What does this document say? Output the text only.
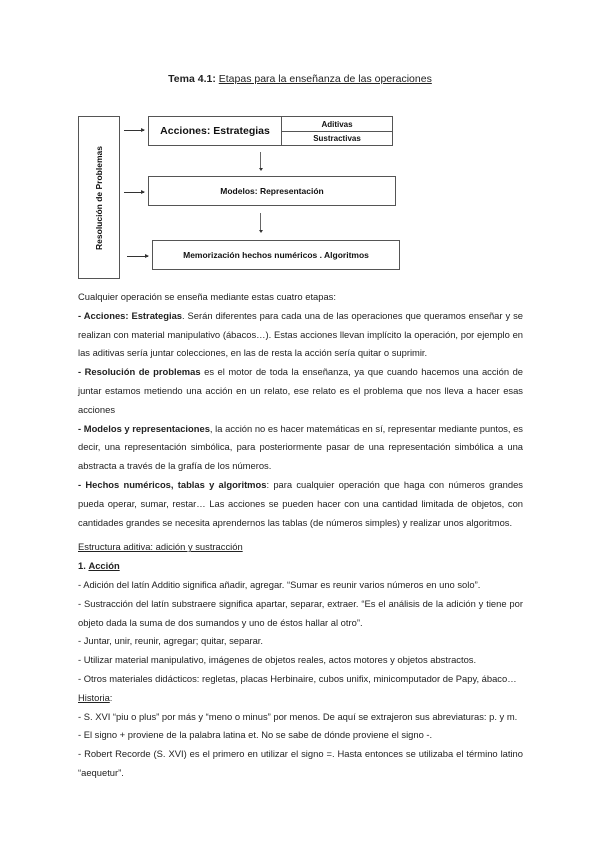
Tema 4.1: Etapas para la enseñanza de las operaciones
Resolución de Problemas
Acciones: Estrategias
Aditivas
Sustractivas
Modelos: Representación
Memorización hechos numéricos . Algoritmos

Cualquier operación se enseña mediante estas cuatro etapas:

- Acciones: Estrategias. Serán diferentes para cada una de las operaciones que queramos enseñar y se realizan con material manipulativo (ábacos…). Estas acciones llevan implícito la operación, por ejemplo en las aditivas sería juntar colecciones, en las de resta la acción sería quitar o suprimir.

- Resolución de problemas es el motor de toda la enseñanza, ya que cuando hacemos una acción de juntar estamos metiendo una acción en un relato, ese relato es el problema que nos lleva a hacer esas acciones

- Modelos y representaciones, la acción no es hacer matemáticas en sí, representar mediante puntos, es decir, una representación simbólica, para posteriormente pasar de una representación simbólica a una abstracta a través de la grafía de los números.

- Hechos numéricos, tablas y algoritmos: para cualquier operación que haga con números grandes pueda operar, sumar, restar… Las acciones se pueden hacer con una cantidad limitada de objetos, con cantidades grandes se necesita aprendernos las tablas (de números simples) y realizar unos algoritmos.

Estructura aditiva: adición y sustracción

1. Acción

- Adición del latín Additio significa añadir, agregar. “Sumar es reunir varios números en uno solo”.

- Sustracción del latín substraere significa apartar, separar, extraer. “Es el análisis de la adición y tiene por objeto dada la suma de dos sumandos y uno de éstos hallar al otro”.

- Juntar, unir, reunir, agregar; quitar, separar.

- Utilizar material manipulativo, imágenes de objetos reales, actos motores y objetos abstractos.

- Otros materiales didácticos: regletas, placas Herbinaire, cubos unifix, minicomputador de Papy, ábaco…

Historia:

- S. XVI “piu o plus” por más y “meno o minus” por menos. De aquí se extrajeron sus abreviaturas: p. y m.

- El signo + proviene de la palabra latina et. No se sabe de dónde proviene el signo -.

- Robert Recorde (S. XVI) es el primero en utilizar el signo =. Hasta entonces se utilizaba el término latino “aequetur”.
